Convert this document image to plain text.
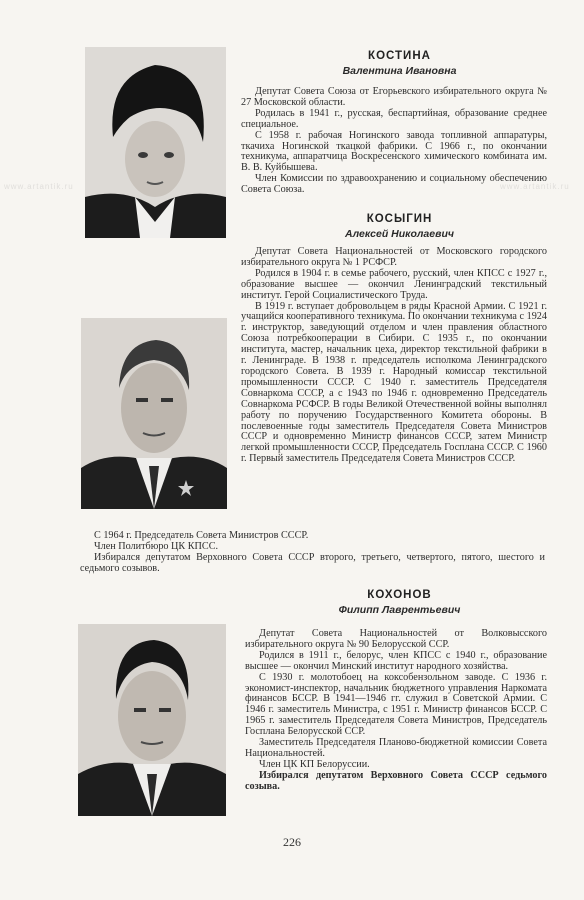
КОСТИНА
Валентина Ивановна

Депутат Совета Союза от Егорьевского избирательного округа № 27 Московской области.

Родилась в 1941 г., русская, беспартийная, образование среднее специальное.

С 1958 г. рабочая Ногинского завода топливной аппаратуры, ткачиха Ногинской ткацкой фабрики. С 1966 г., по окончании техникума, аппаратчица Воскресенского химического комбината им. В. В. Куйбышева.

Член Комиссии по здравоохранению и социальному обеспечению Совета Союза.

КОСЫГИН
Алексей Николаевич

Депутат Совета Национальностей от Московского городского избирательного округа № 1 РСФСР.

Родился в 1904 г. в семье рабочего, русский, член КПСС с 1927 г., образование высшее — окончил Ленинградский текстильный институт. Герой Социалистического Труда.

В 1919 г. вступает добровольцем в ряды Красной Армии. С 1921 г. учащийся кооперативного техникума. По окончании техникума с 1924 г. инструктор, заведующий отделом и член правления областного Союза потребкооперации в Сибири. С 1935 г., по окончании института, мастер, начальник цеха, директор текстильной фабрики в г. Ленинграде. В 1938 г. председатель исполкома Ленинградского городского Совета. В 1939 г. Народный комиссар текстильной промышленности СССР. С 1940 г. заместитель Председателя Совнаркома СССР, а с 1943 по 1946 г. одновременно Председатель Совнаркома РСФСР. В годы Великой Отечественной войны выполнял работу по поручению Государственного Комитета обороны. В послевоенные годы заместитель Председателя Совета Министров СССР и одновременно Министр финансов СССР, затем Министр легкой промышленности СССР, Председатель Госплана СССР. С 1960 г. Первый заместитель Председателя Совета Министров СССР.

С 1964 г. Председатель Совета Министров СССР.

Член Политбюро ЦК КПСС.

Избирался депутатом Верховного Совета СССР второго, третьего, четвертого, пятого, шестого и седьмого созывов.

КОХОНОВ
Филипп Лаврентьевич

Депутат Совета Национальностей от Волковысского избирательного округа № 90 Белорусской ССР.

Родился в 1911 г., белорус, член КПСС с 1940 г., образование высшее — окончил Минский институт народного хозяйства.

С 1930 г. молотобоец на коксобензольном заводе. С 1936 г. экономист-инспектор, начальник бюджетного управления Наркомата финансов БССР. В 1941—1946 гг. служил в Советской Армии. С 1946 г. заместитель Министра, с 1951 г. Министр финансов БССР. С 1965 г. заместитель Председателя Совета Министров, Председатель Госплана Белорусской ССР.

Заместитель Председателя Планово-бюджетной комиссии Совета Национальностей.

Член ЦК КП Белоруссии.

Избирался депутатом Верховного Совета СССР седьмого созыва.

226
www.artantik.ru	www.artantik.ru
